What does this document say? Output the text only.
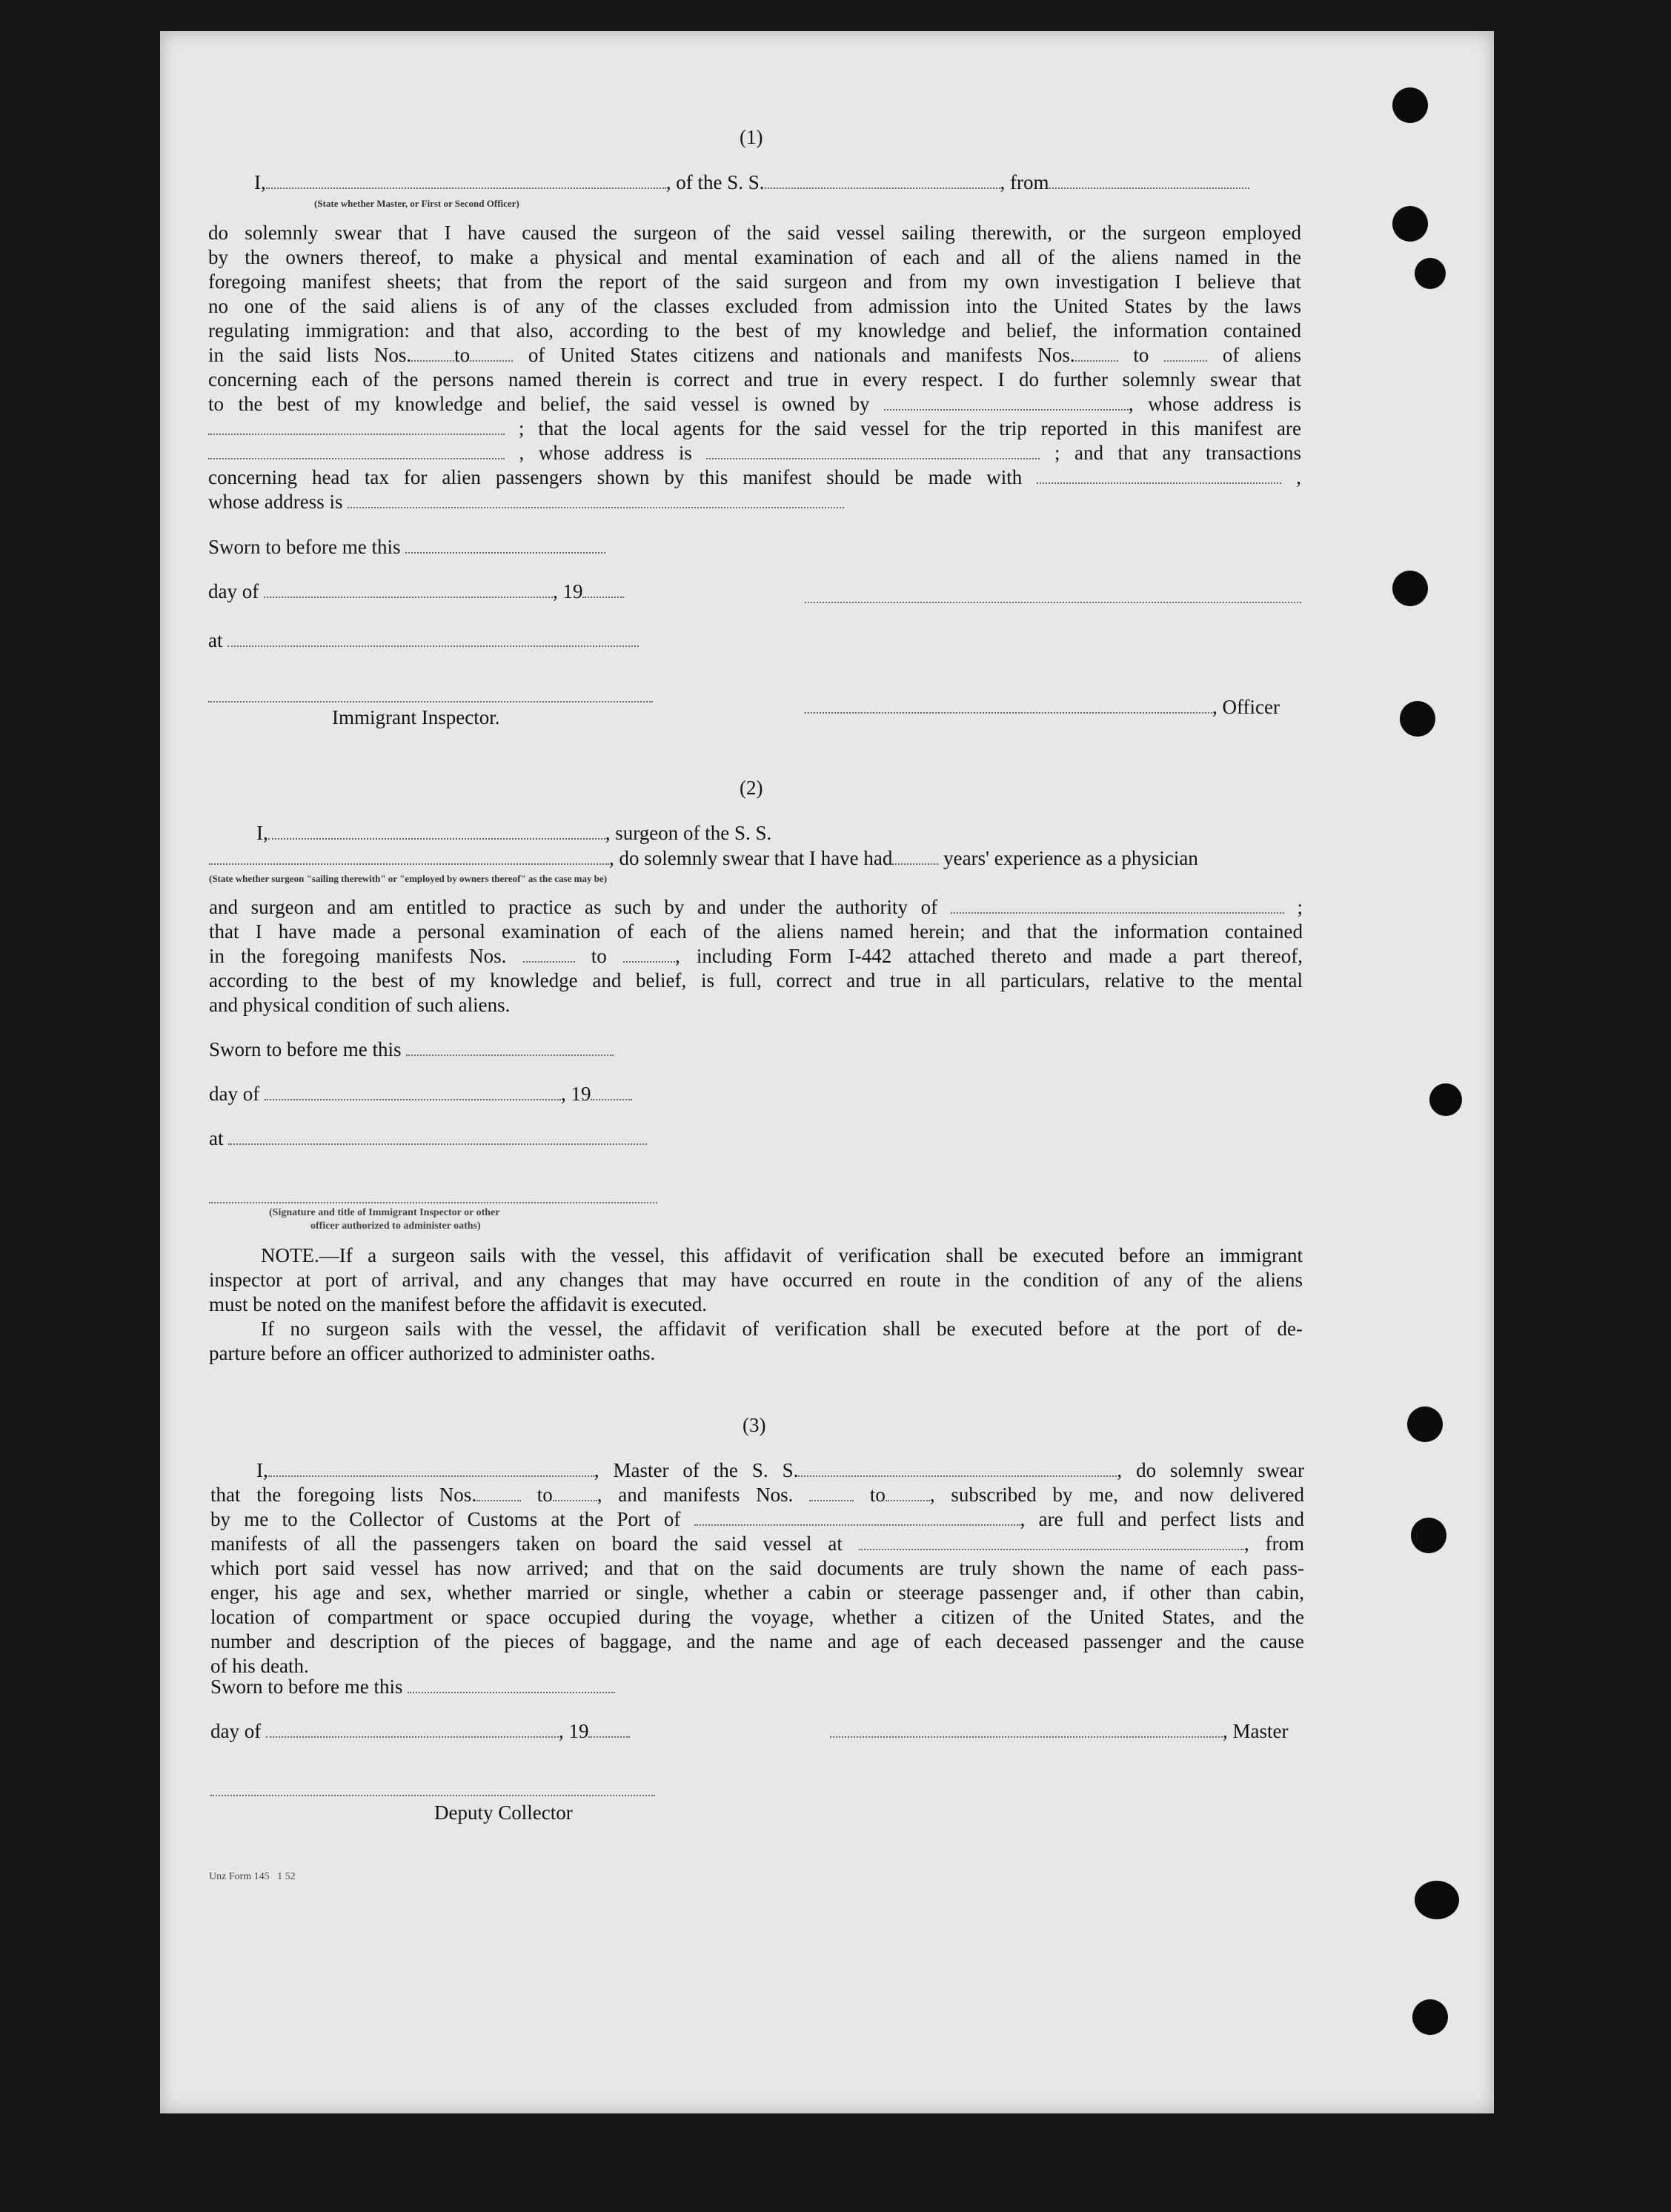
(1)
I,	, of the S. S.	, from
(State whether Master, or First or Second Officer)
do solemnly swear that I have caused the surgeon of the said vessel sailing therewith, or the surgeon employed
by the owners thereof, to make a physical and mental examination of each and all of the aliens named in the
foregoing manifest sheets; that from the report of the said surgeon and from my own investigation I believe that
no one of the said aliens is of any of the classes excluded from admission into the United States by the laws
regulating immigration: and that also, according to the best of my knowledge and belief, the information contained
in the said lists Nos. to	of United States citizens and nationals and manifests Nos.	to	of aliens
concerning each of the persons named therein is correct and true in every respect. I do further solemnly swear that
to the best of my knowledge and belief, the said vessel is owned by	, whose address is
; that the local agents for the said vessel for the trip reported in this manifest are
, whose address is	; and that any transactions
concerning head tax for alien passengers shown by this manifest should be made with	,
whose address is
Sworn to before me this
day of	, 19
at
Immigrant Inspector.	, Officer
(2)
I,	, surgeon of the S. S.
, do solemnly swear that I have had	years' experience as a physician
(State whether surgeon "sailing therewith" or "employed by owners thereof" as the case may be)
and surgeon and am entitled to practice as such by and under the authority of	;
that I have made a personal examination of each of the aliens named herein; and that the information contained
in the foregoing manifests Nos.	to	, including Form I-442 attached thereto and made a part thereof,
according to the best of my knowledge and belief, is full, correct and true in all particulars, relative to the mental
and physical condition of such aliens.
Sworn to before me this
day of	, 19
at
(Signature and title of Immigrant Inspector or other
officer authorized to administer oaths)
NOTE.—If a surgeon sails with the vessel, this affidavit of verification shall be executed before an immigrant
inspector at port of arrival, and any changes that may have occurred en route in the condition of any of the aliens
must be noted on the manifest before the affidavit is executed.
If no surgeon sails with the vessel, the affidavit of verification shall be executed before at the port of de-
parture before an officer authorized to administer oaths.
(3)
I,	, Master of the S. S.	, do solemnly swear
that the foregoing lists Nos.	to , and manifests Nos.	to , subscribed by me, and now delivered
by me to the Collector of Customs at the Port of	, are full and perfect lists and
manifests of all the passengers taken on board the said vessel at	, from
which port said vessel has now arrived; and that on the said documents are truly shown the name of each pass-
enger, his age and sex, whether married or single, whether a cabin or steerage passenger and, if other than cabin,
location of compartment or space occupied during the voyage, whether a citizen of the United States, and the
number and description of the pieces of baggage, and the name and age of each deceased passenger and the cause
of his death.
Sworn to before me this
day of	, 19	, Master
Deputy Collector
Unz Form 145   1 52
